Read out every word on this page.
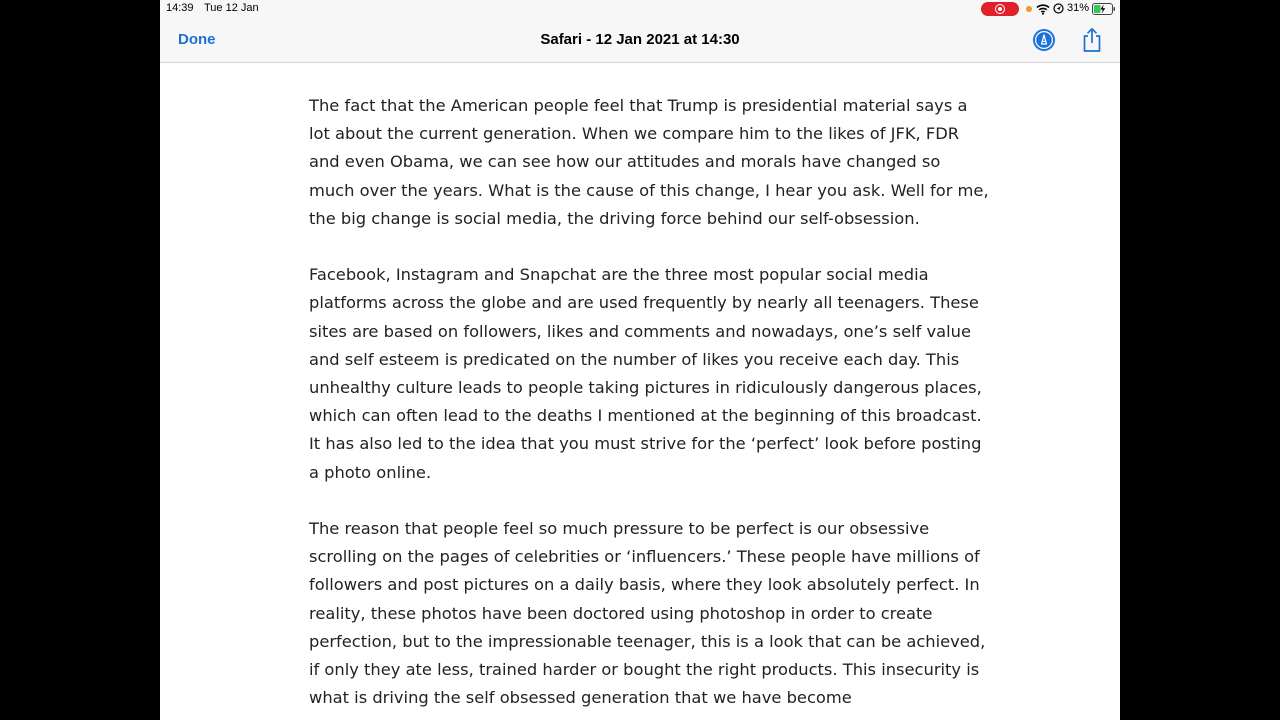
14:39 Tue 12 Jan	31%
Done	Safari - 12 Jan 2021 at 14:30

The fact that the American people feel that Trump is presidential material says a lot about the current generation. When we compare him to the likes of JFK, FDR and even Obama, we can see how our attitudes and morals have changed so much over the years. What is the cause of this change, I hear you ask. Well for me, the big change is social media, the driving force behind our self-obsession.

Facebook, Instagram and Snapchat are the three most popular social media platforms across the globe and are used frequently by nearly all teenagers. These sites are based on followers, likes and comments and nowadays, one’s self value and self esteem is predicated on the number of likes you receive each day. This unhealthy culture leads to people taking pictures in ridiculously dangerous places, which can often lead to the deaths I mentioned at the beginning of this broadcast. It has also led to the idea that you must strive for the ‘perfect’ look before posting a photo online.

The reason that people feel so much pressure to be perfect is our obsessive scrolling on the pages of celebrities or ‘influencers.’ These people have millions of followers and post pictures on a daily basis, where they look absolutely perfect. In reality, these photos have been doctored using photoshop in order to create perfection, but to the impressionable teenager, this is a look that can be achieved, if only they ate less, trained harder or bought the right products. This insecurity is what is driving the self obsessed generation that we have become
